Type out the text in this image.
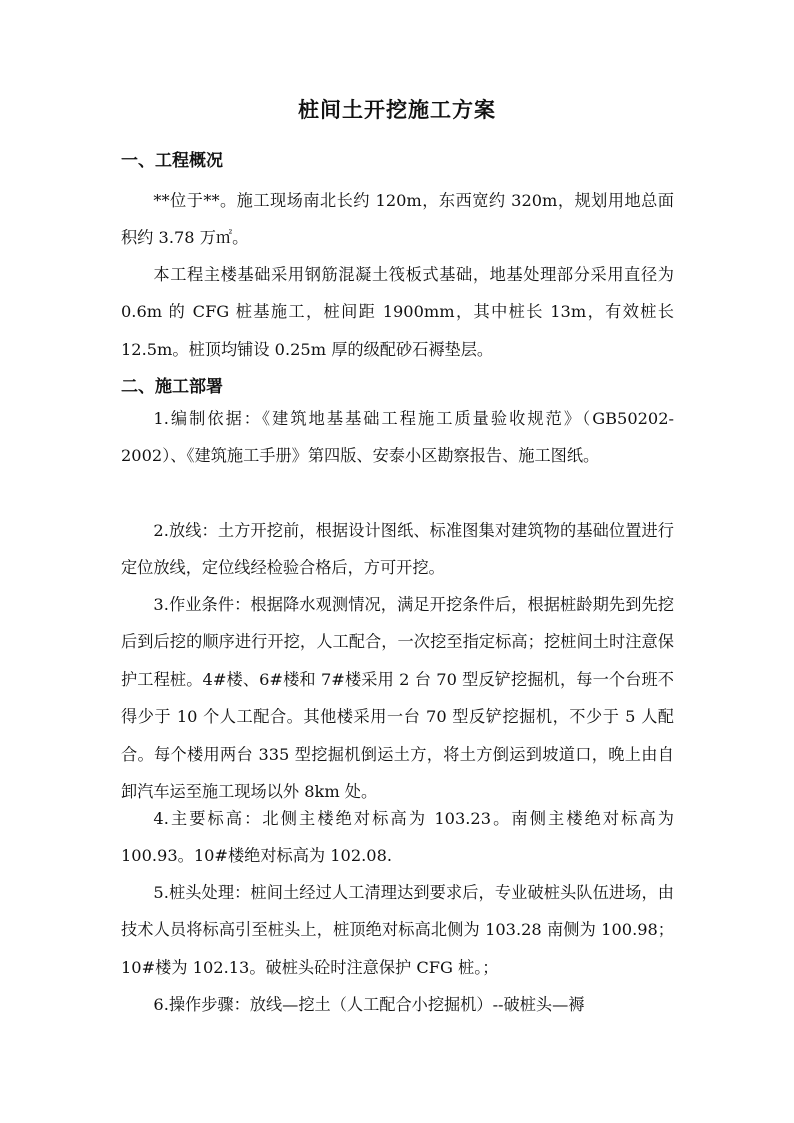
桩间土开挖施工方案
一、工程概况
**位于**。施工现场南北长约 120m，东西宽约 320m，规划用地总面积约 3.78 万㎡。
本工程主楼基础采用钢筋混凝土筏板式基础，地基处理部分采用直径为 0.6m 的 CFG 桩基施工，桩间距 1900mm，其中桩长 13m，有效桩长 12.5m。桩顶均铺设 0.25m 厚的级配砂石褥垫层。
二、施工部署
1.编制依据：《建筑地基基础工程施工质量验收规范》（GB50202-2002）、《建筑施工手册》第四版、安泰小区勘察报告、施工图纸。
2.放线：土方开挖前，根据设计图纸、标准图集对建筑物的基础位置进行定位放线，定位线经检验合格后，方可开挖。
3.作业条件：根据降水观测情况，满足开挖条件后，根据桩龄期先到先挖后到后挖的顺序进行开挖，人工配合，一次挖至指定标高；挖桩间土时注意保护工程桩。4#楼、6#楼和 7#楼采用 2 台 70 型反铲挖掘机，每一个台班不得少于 10 个人工配合。其他楼采用一台 70 型反铲挖掘机，不少于 5 人配合。每个楼用两台 335 型挖掘机倒运土方，将土方倒运到坡道口，晚上由自卸汽车运至施工现场以外 8km 处。
4.主要标高：北侧主楼绝对标高为 103.23。南侧主楼绝对标高为 100.93。10#楼绝对标高为 102.08.
5.桩头处理：桩间土经过人工清理达到要求后，专业破桩头队伍进场，由技术人员将标高引至桩头上，桩顶绝对标高北侧为 103.28 南侧为 100.98；10#楼为 102.13。破桩头砼时注意保护 CFG 桩。；
6.操作步骤：放线—挖土（人工配合小挖掘机）--破桩头—褥
